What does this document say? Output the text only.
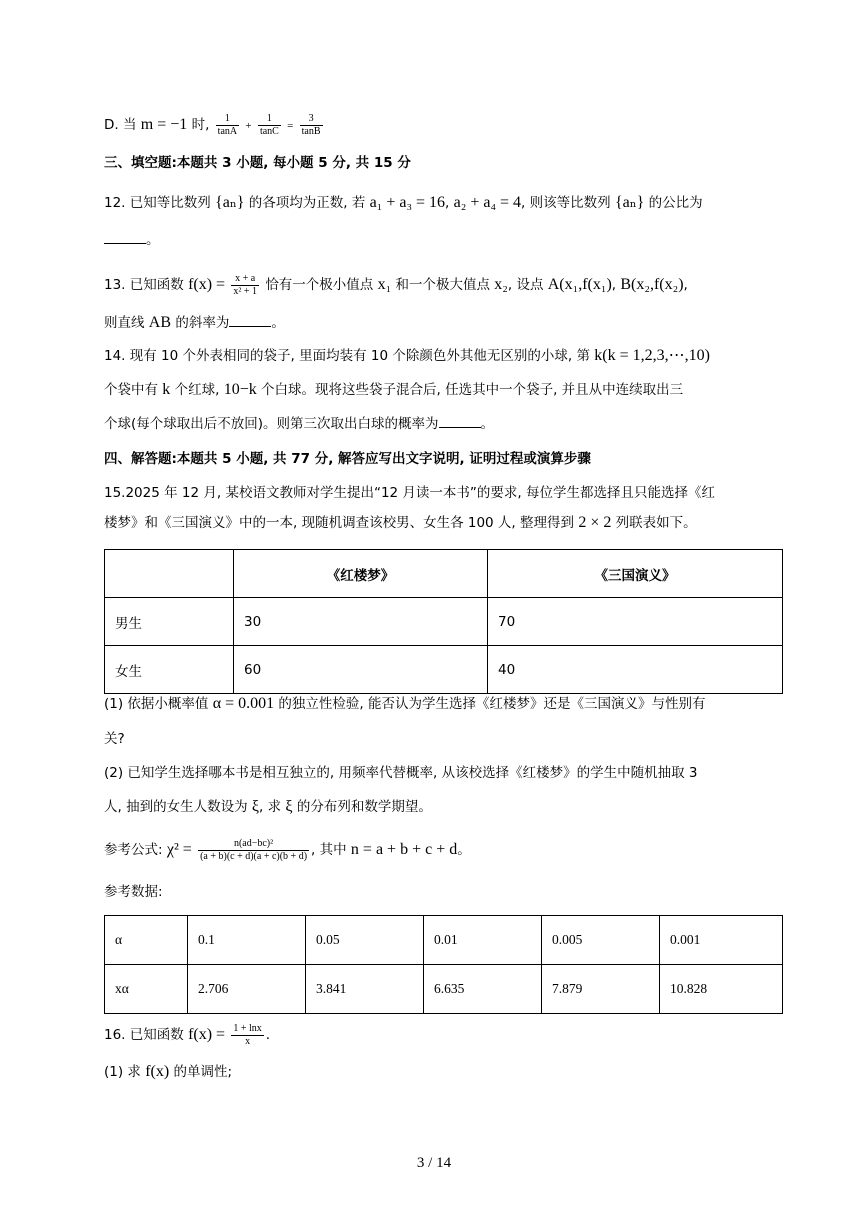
D. 当 m = −1 时, $\frac{1}{\tan A} + \frac{1}{\tan C} = \frac{3}{\tan B}$
三、填空题:本题共 3 小题, 每小题 5 分, 共 15 分
12. 已知等比数列 {aₙ} 的各项均为正数, 若 a₁ + a₃ = 16, a₂ + a₄ = 4, 则该等比数列 {aₙ} 的公比为
。
13. 已知函数 $f(x) = \frac{x + a}{\text{x² + 1}}$ 恰有一个极小值点 x₁ 和一个极大值点 x₂, 设点 A(x₁,f(x₁), B(x₂,f(x₂),
则直线 AB 的斜率为	。
14. 现有 10 个外表相同的袋子, 里面均装有 10 个除颜色外其他无区别的小球, 第 k(k = 1,2,3,⋯,10)
个袋中有 k 个红球, 10−k 个白球。现将这些袋子混合后, 任选其中一个袋子, 并且从中连续取出三
个球(每个球取出后不放回)。则第三次取出白球的概率为	。
四、解答题:本题共 5 小题, 共 77 分, 解答应写出文字说明, 证明过程或演算步骤
15.2025 年 12 月, 某校语文教师对学生提出“12 月读一本书”的要求, 每位学生都选择且只能选择《红
楼梦》和《三国演义》中的一本, 现随机调查该校男、女生各 100 人, 整理得到 2 × 2 列联表如下。
	《红楼梦》	《三国演义》
男生	30	70
女生	60	40
(1) 依据小概率值 α = 0.001 的独立性检验, 能否认为学生选择《红楼梦》还是《三国演义》与性别有
关?
(2) 已知学生选择哪本书是相互独立的, 用频率代替概率, 从该校选择《红楼梦》的学生中随机抽取 3
人, 抽到的女生人数设为 ξ, 求 ξ 的分布列和数学期望。
参考公式: $\chi^2 = \frac{\text{n(ad−bc)²}}{(a + b)(c + d)(a + c)(b + d)}$ , 其中 n = a + b + c + d。
参考数据:
α	0.1	0.05	0.01	0.005	0.001
xα	2.706	3.841	6.635	7.879	10.828
16. 已知函数 $f(x) = \frac{1 + \ln x}{x}$ .
(1) 求 f(x) 的单调性;
3 / 14
